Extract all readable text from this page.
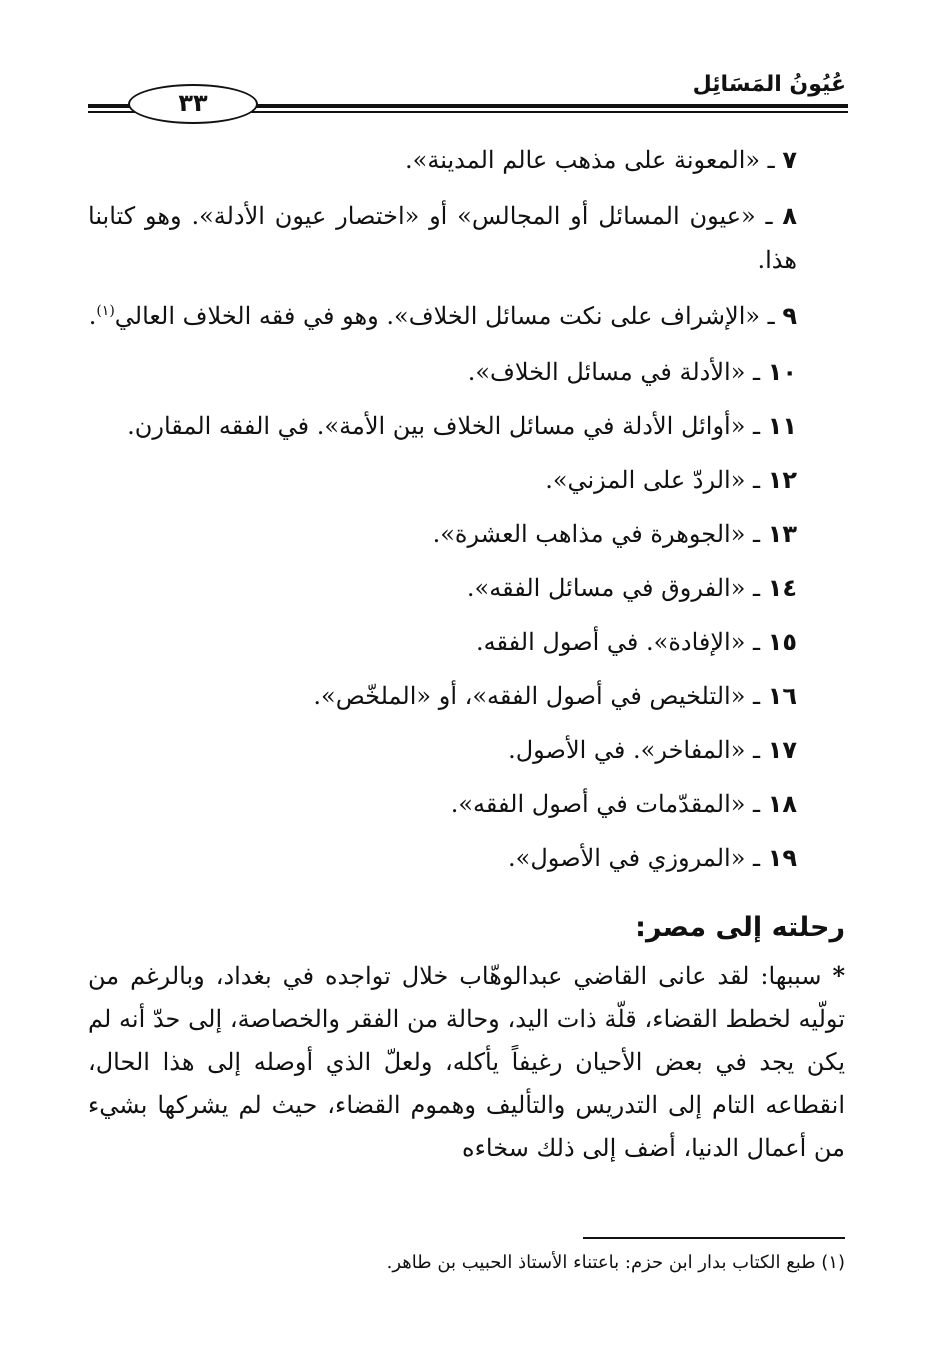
عُيُونُ المَسَائِل
٣٣
٧ ـ «المعونة على مذهب عالم المدينة».
٨ ـ «عيون المسائل أو المجالس» أو «اختصار عيون الأدلة». وهو كتابنا هذا.
٩ ـ «الإشراف على نكت مسائل الخلاف». وهو في فقه الخلاف العالي$^{(١)}$.
١٠ ـ «الأدلة في مسائل الخلاف».
١١ ـ «أوائل الأدلة في مسائل الخلاف بين الأمة». في الفقه المقارن.
١٢ ـ «الردّ على المزني».
١٣ ـ «الجوهرة في مذاهب العشرة».
١٤ ـ «الفروق في مسائل الفقه».
١٥ ـ «الإفادة». في أصول الفقه.
١٦ ـ «التلخيص في أصول الفقه»، أو «الملخّص».
١٧ ـ «المفاخر». في الأصول.
١٨ ـ «المقدّمات في أصول الفقه».
١٩ ـ «المروزي في الأصول».
رحلته إلى مصر:
* سببها: لقد عانى القاضي عبدالوهّاب خلال تواجده في بغداد، وبالرغم من تولّيه لخطط القضاء، قلّة ذات اليد، وحالة من الفقر والخصاصة، إلى حدّ أنه لم يكن يجد في بعض الأحيان رغيفاً يأكله، ولعلّ الذي أوصله إلى هذا الحال، انقطاعه التام إلى التدريس والتأليف وهموم القضاء، حيث لم يشركها بشيء من أعمال الدنيا، أضف إلى ذلك سخاءه
(١) طبع الكتاب بدار ابن حزم: باعتناء الأستاذ الحبيب بن طاهر.
